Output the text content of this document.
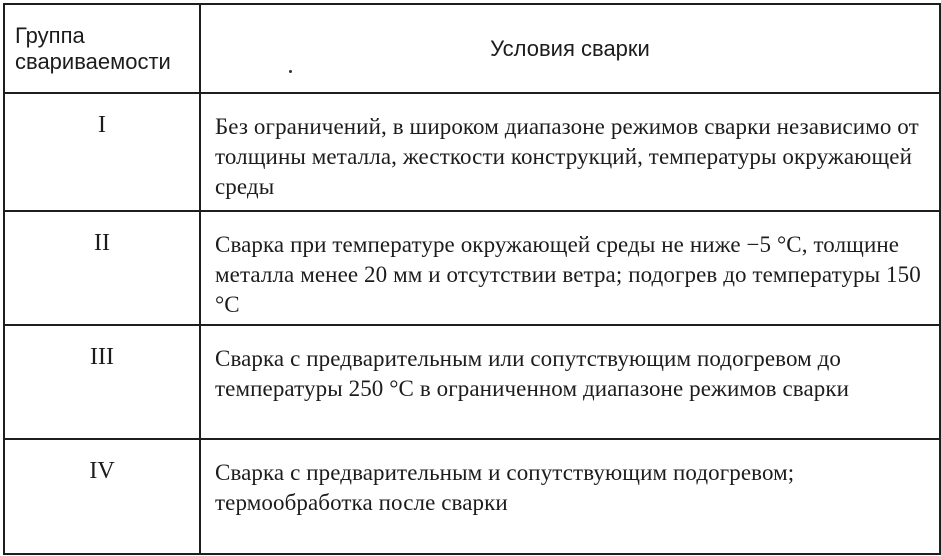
Группа
свариваемости	Условия сварки
I	Без ограничений, в широком диапазоне режимов сварки независимо от толщины металла, жесткости конструкций, температуры окружающей среды
II	Сварка при температуре окружающей среды не ниже −5 °С, толщине металла менее 20 мм и отсутствии ветра; подогрев до температуры 150 °С
III	Сварка с предварительным или сопутствующим подогревом до температуры 250 °С в ограниченном диапазоне режимов сварки
IV	Сварка с предварительным и сопутствующим подогревом; термообработка после сварки
